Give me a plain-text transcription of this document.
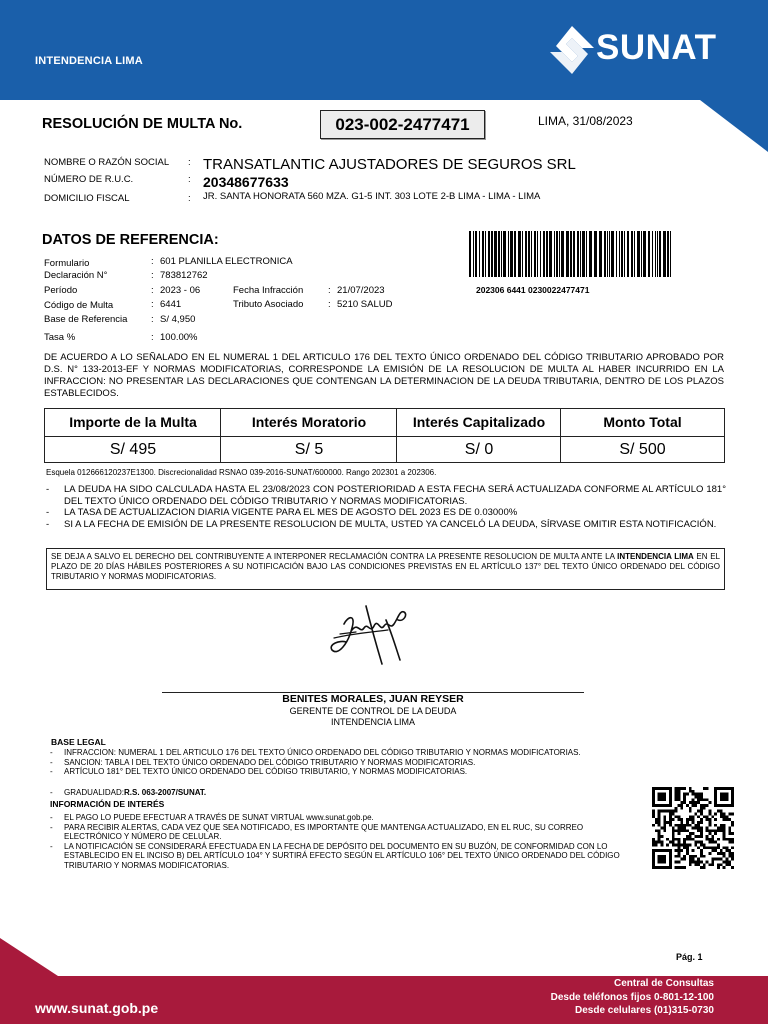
INTENDENCIA LIMA	SUNAT
RESOLUCIÓN DE MULTA No.	023-002-2477471	LIMA, 31/08/2023
NOMBRE O RAZÓN SOCIAL : TRANSATLANTIC AJUSTADORES DE SEGUROS SRL
NÚMERO DE R.U.C.	: 20348677633
DOMICILIO FISCAL	: JR. SANTA HONORATA 560 MZA. G1-5 INT. 303 LOTE 2-B LIMA - LIMA - LIMA
DATOS DE REFERENCIA:
Formulario	: 601 PLANILLA ELECTRONICA
Declaración N°	: 783812762
Período	: 2023 - 06	Fecha Infracción	: 21/07/2023
Código de Multa	: 6441	Tributo Asociado	: 5210 SALUD
Base de Referencia : S/ 4,950
Tasa %	: 100.00%
202306 6441 0230022477471
DE ACUERDO A LO SEÑALADO EN EL NUMERAL 1 DEL ARTICULO 176 DEL TEXTO ÚNICO ORDENADO DEL CÓDIGO TRIBUTARIO APROBADO POR D.S. N° 133-2013-EF Y NORMAS MODIFICATORIAS, CORRESPONDE LA EMISIÓN DE LA RESOLUCION DE MULTA AL HABER INCURRIDO EN LA INFRACCION: NO PRESENTAR LAS DECLARACIONES QUE CONTENGAN LA DETERMINACION DE LA DEUDA TRIBUTARIA, DENTRO DE LOS PLAZOS ESTABLECIDOS.
Importe de la Multa	Interés Moratorio	Interés Capitalizado	Monto Total
S/ 495	S/ 5	S/ 0	S/ 500
Esquela 012666120237E1300. Discrecionalidad RSNAO 039-2016-SUNAT/600000. Rango 202301 a 202306.
-	LA DEUDA HA SIDO CALCULADA HASTA EL 23/08/2023 CON POSTERIORIDAD A ESTA FECHA SERÁ ACTUALIZADA CONFORME AL ARTÍCULO 181° DEL TEXTO ÚNICO ORDENADO DEL CÓDIGO TRIBUTARIO Y NORMAS MODIFICATORIAS.
-	LA TASA DE ACTUALIZACION DIARIA VIGENTE PARA EL MES DE AGOSTO DEL 2023 ES DE 0.03000%
-	SI A LA FECHA DE EMISIÓN DE LA PRESENTE RESOLUCION DE MULTA, USTED YA CANCELÓ LA DEUDA, SÍRVASE OMITIR ESTA NOTIFICACIÓN.
SE DEJA A SALVO EL DERECHO DEL CONTRIBUYENTE A INTERPONER RECLAMACIÓN CONTRA LA PRESENTE RESOLUCION DE MULTA ANTE LA INTENDENCIA LIMA EN EL PLAZO DE 20 DÍAS HÁBILES POSTERIORES A SU NOTIFICACIÓN BAJO LAS CONDICIONES PREVISTAS EN EL ARTÍCULO 137° DEL TEXTO ÚNICO ORDENADO DEL CÓDIGO TRIBUTARIO Y NORMAS MODIFICATORIAS.
BENITES MORALES, JUAN REYSER
GERENTE DE CONTROL DE LA DEUDA
INTENDENCIA LIMA
BASE LEGAL
-	INFRACCION: NUMERAL 1 DEL ARTICULO 176 DEL TEXTO ÚNICO ORDENADO DEL CÓDIGO TRIBUTARIO Y NORMAS MODIFICATORIAS.
-	SANCION: TABLA I DEL TEXTO ÚNICO ORDENADO DEL CÓDIGO TRIBUTARIO Y NORMAS MODIFICATORIAS.
-	ARTÍCULO 181° DEL TEXTO ÚNICO ORDENADO DEL CÓDIGO TRIBUTARIO, Y NORMAS MODIFICATORIAS.
-	GRADUALIDAD: R.S. 063-2007/SUNAT.
INFORMACIÓN DE INTERÉS
-	EL PAGO LO PUEDE EFECTUAR A TRAVÉS DE SUNAT VIRTUAL www.sunat.gob.pe.
-	PARA RECIBIR ALERTAS, CADA VEZ QUE SEA NOTIFICADO, ES IMPORTANTE QUE MANTENGA ACTUALIZADO, EN EL RUC, SU CORREO ELECTRÓNICO Y NÚMERO DE CELULAR.
-	LA NOTIFICACIÓN SE CONSIDERARÁ EFECTUADA EN LA FECHA DE DEPÓSITO DEL DOCUMENTO EN SU BUZÓN, DE CONFORMIDAD CON LO ESTABLECIDO EN EL INCISO B) DEL ARTÍCULO 104° Y SURTIRÁ EFECTO SEGÚN EL ARTÍCULO 106° DEL TEXTO ÚNICO ORDENADO DEL CÓDIGO TRIBUTARIO Y NORMAS MODIFICATORIAS.
Pág. 1
www.sunat.gob.pe
Central de Consultas
Desde teléfonos fijos 0-801-12-100
Desde celulares (01)315-0730
